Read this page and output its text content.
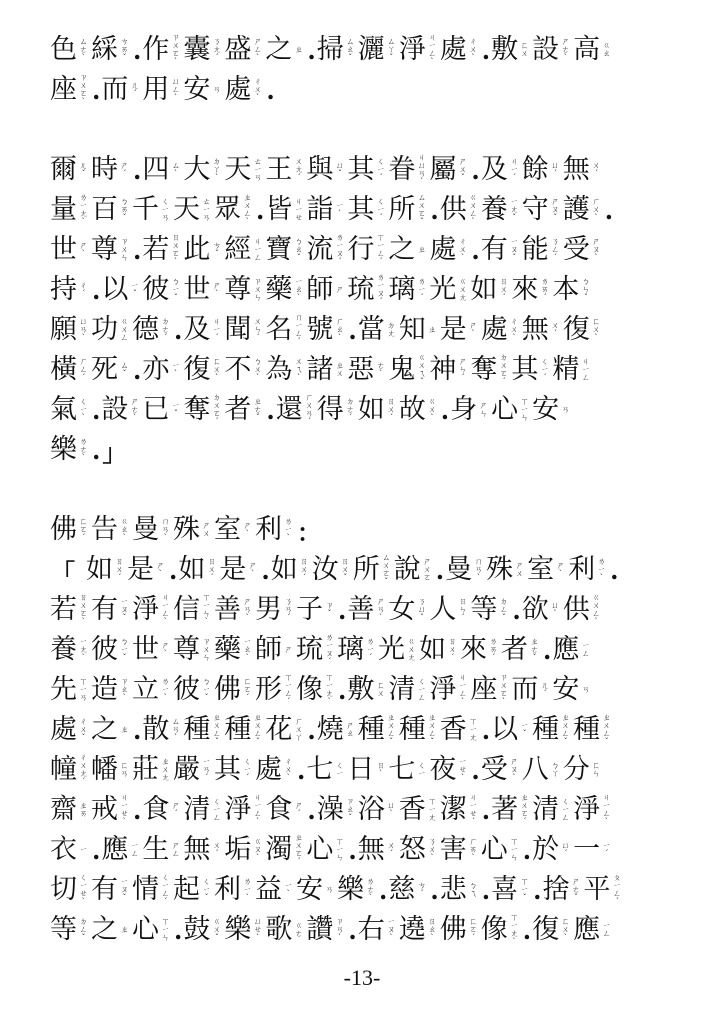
色 ㄙ
ㄜ
ˋ 綵 ㄘ
ㄞ
ˇ . 作 ㄗ
ㄨ
ㄛ
ˋ 囊 ㄋ
ㄤ
ˊ 盛 ㄕ
ㄥ
ˋ 之 ㄓ . 掃 ㄙ
ㄠ
ˇ 灑 ㄙ
ㄚ
ˇ 淨 ㄐ
ㄧ
ㄥ
ˋ 處 ㄔ
ㄨ
ˋ . 敷 ㄈ
ㄨ 設 ㄕ
ㄜ
ˋ 高 ㄍ
ㄠ
座 ㄗ
ㄨ
ㄛ
ˋ . 而 ㄦ
ˊ 用 ㄩ
ㄥ
ˋ 安 ㄢ 處 ㄔ
ㄨ
ˋ .
爾 ㄦ
ˇ 時 ㄕ
ˊ . 四 ㄙ
ˋ 大 ㄉ
ㄚ
ˋ 天 ㄊ
ㄧ
ㄢ 王 ㄨ
ㄤ
ˊ 與 ㄩ
ˇ 其 ㄑ
ㄧ
ˊ 眷 ㄐ
ㄩ
ㄢ
ˋ 屬 ㄕ
ㄨ
ˇ . 及 ㄐ
ㄧ
ˊ 餘 ㄩ
ˊ 無 ㄨ
ˊ
量 ㄌ
ㄧ
ㄤ
ˋ 百 ㄅ
ㄞ
ˇ 千 ㄑ
ㄧ
ㄢ 天 ㄊ
ㄧ
ㄢ 眾 ㄓ
ㄨ
ㄥ
ˋ . 皆 ㄐ
ㄧ
ㄝ 詣 ㄧ
ˋ 其 ㄑ
ㄧ
ˊ 所 ㄙ
ㄨ
ㄛ
ˇ . 供 ㄍ
ㄨ
ㄥ
ˋ 養 ㄧ
ㄤ
ˇ 守 ㄕ
ㄡ
ˇ 護 ㄏ
ㄨ
ˋ .
世 ㄕ
ˋ 尊 ㄗ
ㄨ
ㄣ . 若 ㄖ
ㄨ
ㄛ
ˋ 此 ㄘ
ˇ 經 ㄐ
ㄧ
ㄥ 寶 ㄅ
ㄠ
ˇ 流 ㄌ
ㄧ
ㄡ
ˊ 行 ㄒ
ㄧ
ㄥ
ˊ 之 ㄓ 處 ㄔ
ㄨ
ˋ . 有 ㄧ
ㄡ
ˇ 能 ㄋ
ㄥ
ˊ 受 ㄕ
ㄡ
ˋ
持 ㄔ
ˊ . 以 ㄧ
ˇ 彼 ㄅ
ㄧ
ˇ 世 ㄕ
ˋ 尊 ㄗ
ㄨ
ㄣ 藥 ㄧ
ㄠ
ˋ 師 ㄕ 琉 ㄌ
ㄧ
ㄡ
ˊ 璃 ㄌ
ㄧ
ˊ 光 ㄍ
ㄨ
ㄤ 如 ㄖ
ㄨ
ˊ 來 ㄌ
ㄞ
ˊ 本 ㄅ
ㄣ
ˇ
願 ㄩ
ㄢ
ˋ 功 ㄍ
ㄨ
ㄥ 德 ㄉ
ㄜ
ˊ . 及 ㄐ
ㄧ
ˊ 聞 ㄨ
ㄣ
ˊ 名 ㄇ
ㄧ
ㄥ
ˊ 號 ㄏ
ㄠ
ˋ . 當 ㄉ
ㄤ 知 ㄓ 是 ㄕ
ˋ 處 ㄔ
ㄨ
ˋ 無 ㄨ
ˊ 復 ㄈ
ㄨ
ˋ
橫 ㄏ
ㄥ
ˊ 死 ㄙ
ˇ . 亦 ㄧ
ˋ 復 ㄈ
ㄨ
ˋ 不 ㄅ
ㄨ
ˋ 為 ㄨ
ㄟ
ˋ 諸 ㄓ
ㄨ 惡 ㄜ
ˋ 鬼 ㄍ
ㄨ
ㄟ
ˇ 神 ㄕ
ㄣ
ˊ 奪 ㄉ
ㄨ
ㄛ
ˊ 其 ㄑ
ㄧ
ˊ 精 ㄐ
ㄧ
ㄥ
氣 ㄑ
ㄧ
ˋ . 設 ㄕ
ㄜ
ˋ 已 ㄧ
ˇ 奪 ㄉ
ㄨ
ㄛ
ˊ 者 ㄓ
ㄜ
ˇ . 還 ㄏ
ㄨ
ㄢ
ˊ 得 ㄉ
ㄜ
ˊ 如 ㄖ
ㄨ
ˊ 故 ㄍ
ㄨ
ˋ . 身 ㄕ
ㄣ 心 ㄒ
ㄧ
ㄣ 安 ㄢ
樂 ㄌ
ㄜ
ˋ . 」
佛 ㄈ
ㄛ
ˊ 告 ㄍ
ㄠ
ˋ 曼 ㄇ
ㄢ
ˋ 殊 ㄕ
ㄨ 室 ㄕ
ˋ 利 ㄌ
ㄧ
ˋ ：
「 如 ㄖ
ㄨ
ˊ 是 ㄕ
ˋ . 如 ㄖ
ㄨ
ˊ 是 ㄕ
ˋ . 如 ㄖ
ㄨ
ˊ 汝 ㄖ
ㄨ
ˇ 所 ㄙ
ㄨ
ㄛ
ˇ 說 ㄕ
ㄨ
ㄛ . 曼 ㄇ
ㄢ
ˋ 殊 ㄕ
ㄨ 室 ㄕ
ˋ 利 ㄌ
ㄧ
ˋ .
若 ㄖ
ㄨ
ㄛ
ˋ 有 ㄧ
ㄡ
ˇ 淨 ㄐ
ㄧ
ㄥ
ˋ 信 ㄒ
ㄧ
ㄣ
ˋ 善 ㄕ
ㄢ
ˋ 男 ㄋ
ㄢ
ˊ 子 ㄗ
ˇ . 善 ㄕ
ㄢ
ˋ 女 ㄋ
ㄩ
ˇ 人 ㄖ
ㄣ
ˊ 等 ㄉ
ㄥ
ˇ . 欲 ㄩ
ˋ 供 ㄍ
ㄨ
ㄥ
ˋ
養 ㄧ
ㄤ
ˋ 彼 ㄅ
ㄧ
ˇ 世 ㄕ
ˋ 尊 ㄗ
ㄨ
ㄣ 藥 ㄧ
ㄠ
ˋ 師 ㄕ 琉 ㄌ
ㄧ
ㄡ
ˊ 璃 ㄌ
ㄧ
ˊ 光 ㄍ
ㄨ
ㄤ 如 ㄖ
ㄨ
ˊ 來 ㄌ
ㄞ
ˊ 者 ㄓ
ㄜ
ˇ . 應 ㄧ
ㄥ
先 ㄒ
ㄧ
ㄢ 造 ㄗ
ㄠ
ˋ 立 ㄌ
ㄧ
ˋ 彼 ㄅ
ㄧ
ˇ 佛 ㄈ
ㄛ
ˊ 形 ㄒ
ㄧ
ㄥ
ˊ 像 ㄒ
ㄧ
ㄤ
ˋ . 敷 ㄈ
ㄨ 清 ㄑ
ㄧ
ㄥ 淨 ㄐ
ㄧ
ㄥ
ˋ 座 ㄗ
ㄨ
ㄛ
ˋ 而 ㄦ
ˊ 安 ㄢ
處 ㄔ
ㄨ
ˇ 之 ㄓ . 散 ㄙ
ㄢ
ˋ 種 ㄓ
ㄨ
ㄥ
ˇ 種 ㄓ
ㄨ
ㄥ
ˇ 花 ㄏ
ㄨ
ㄚ . 燒 ㄕ
ㄠ 種 ㄓ
ㄨ
ㄥ
ˇ 種 ㄓ
ㄨ
ㄥ
ˇ 香 ㄒ
ㄧ
ㄤ . 以 ㄧ
ˇ 種 ㄓ
ㄨ
ㄥ
ˇ 種 ㄓ
ㄨ
ㄥ
ˇ
幢 ㄔ
ㄨ
ㄤ
ˊ 幡 ㄈ
ㄢ 莊 ㄓ
ㄨ
ㄤ 嚴 ㄧ
ㄢ
ˊ 其 ㄑ
ㄧ
ˊ 處 ㄔ
ㄨ
ˋ . 七 ㄑ
ㄧ 日 ㄖ
ˋ 七 ㄑ
ㄧ 夜 ㄧ
ㄝ
ˋ . 受 ㄕ
ㄡ
ˋ 八 ㄅ
ㄚ 分 ㄈ
ㄣ
齋 ㄓ
ㄞ 戒 ㄐ
ㄧ
ㄝ
ˋ . 食 ㄕ
ˊ 清 ㄑ
ㄧ
ㄥ 淨 ㄐ
ㄧ
ㄥ
ˋ 食 ㄕ
ˊ . 澡 ㄗ
ㄠ
ˇ 浴 ㄩ
ˋ 香 ㄒ
ㄧ
ㄤ 潔 ㄐ
ㄧ
ㄝ
ˊ . 著 ㄓ
ㄨ
ㄛ
ˊ 清 ㄑ
ㄧ
ㄥ 淨 ㄐ
ㄧ
ㄥ
ˋ
衣 ㄧ . 應 ㄧ
ㄥ 生 ㄕ
ㄥ 無 ㄨ
ˊ 垢 ㄍ
ㄡ
ˋ 濁 ㄓ
ㄨ
ㄛ
ˊ 心 ㄒ
ㄧ
ㄣ . 無 ㄨ
ˊ 怒 ㄋ
ㄨ
ˋ 害 ㄏ
ㄞ
ˋ 心 ㄒ
ㄧ
ㄣ . 於 ㄩ
ˊ 一 ㄧ
ˊ
切 ㄑ
ㄧ
ㄝ
ˋ 有 ㄧ
ㄡ
ˇ 情 ㄑ
ㄧ
ㄥ
ˊ 起 ㄑ
ㄧ
ˇ 利 ㄌ
ㄧ
ˋ 益 ㄧ
ˋ 安 ㄢ 樂 ㄌ
ㄜ
ˋ . 慈 ㄘ
ˊ . 悲 ㄅ
ㄟ . 喜 ㄒ
ㄧ
ˇ . 捨 ㄕ
ㄜ
ˇ 平 ㄆ
ㄧ
ㄥ
ˊ
等 ㄉ
ㄥ
ˇ 之 ㄓ 心 ㄒ
ㄧ
ㄣ . 鼓 ㄍ
ㄨ
ˇ 樂 ㄩ
ㄝ
ˋ 歌 ㄍ
ㄜ 讚 ㄗ
ㄢ
ˋ . 右 ㄧ
ㄡ
ˋ 遶 ㄖ
ㄠ
ˋ 佛 ㄈ
ㄛ
ˊ 像 ㄒ
ㄧ
ㄤ
ˋ . 復 ㄈ
ㄨ
ˋ 應 ㄧ
ㄥ
-13-
